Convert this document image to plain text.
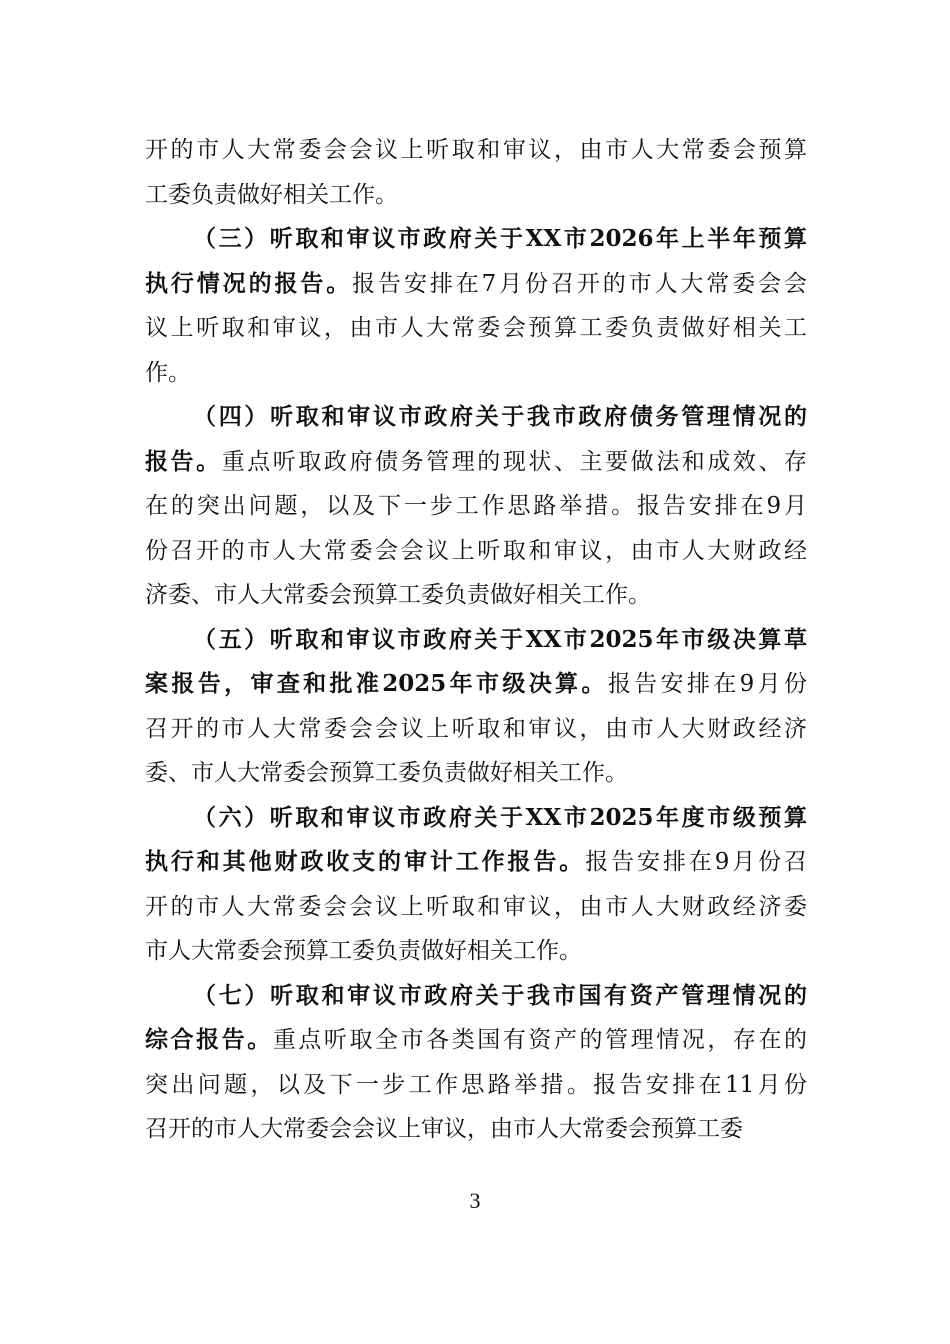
开的市人大常委会会议上听取和审议，由市人大常委会预算
工委负责做好相关工作。
（三）听取和审议市政府关于XX市2026年上半年预算
执行情况的报告。报告安排在7月份召开的市人大常委会会
议上听取和审议，由市人大常委会预算工委负责做好相关工
作。
（四）听取和审议市政府关于我市政府债务管理情况的
报告。重点听取政府债务管理的现状、主要做法和成效、存
在的突出问题，以及下一步工作思路举措。报告安排在9月
份召开的市人大常委会会议上听取和审议，由市人大财政经
济委、市人大常委会预算工委负责做好相关工作。
（五）听取和审议市政府关于XX市2025年市级决算草
案报告，审查和批准2025年市级决算。报告安排在9月份
召开的市人大常委会会议上听取和审议，由市人大财政经济
委、市人大常委会预算工委负责做好相关工作。
（六）听取和审议市政府关于XX市2025年度市级预算
执行和其他财政收支的审计工作报告。报告安排在9月份召
开的市人大常委会会议上听取和审议，由市人大财政经济委
市人大常委会预算工委负责做好相关工作。
（七）听取和审议市政府关于我市国有资产管理情况的
综合报告。重点听取全市各类国有资产的管理情况，存在的
突出问题，以及下一步工作思路举措。报告安排在11月份
召开的市人大常委会会议上审议，由市人大常委会预算工委
3
